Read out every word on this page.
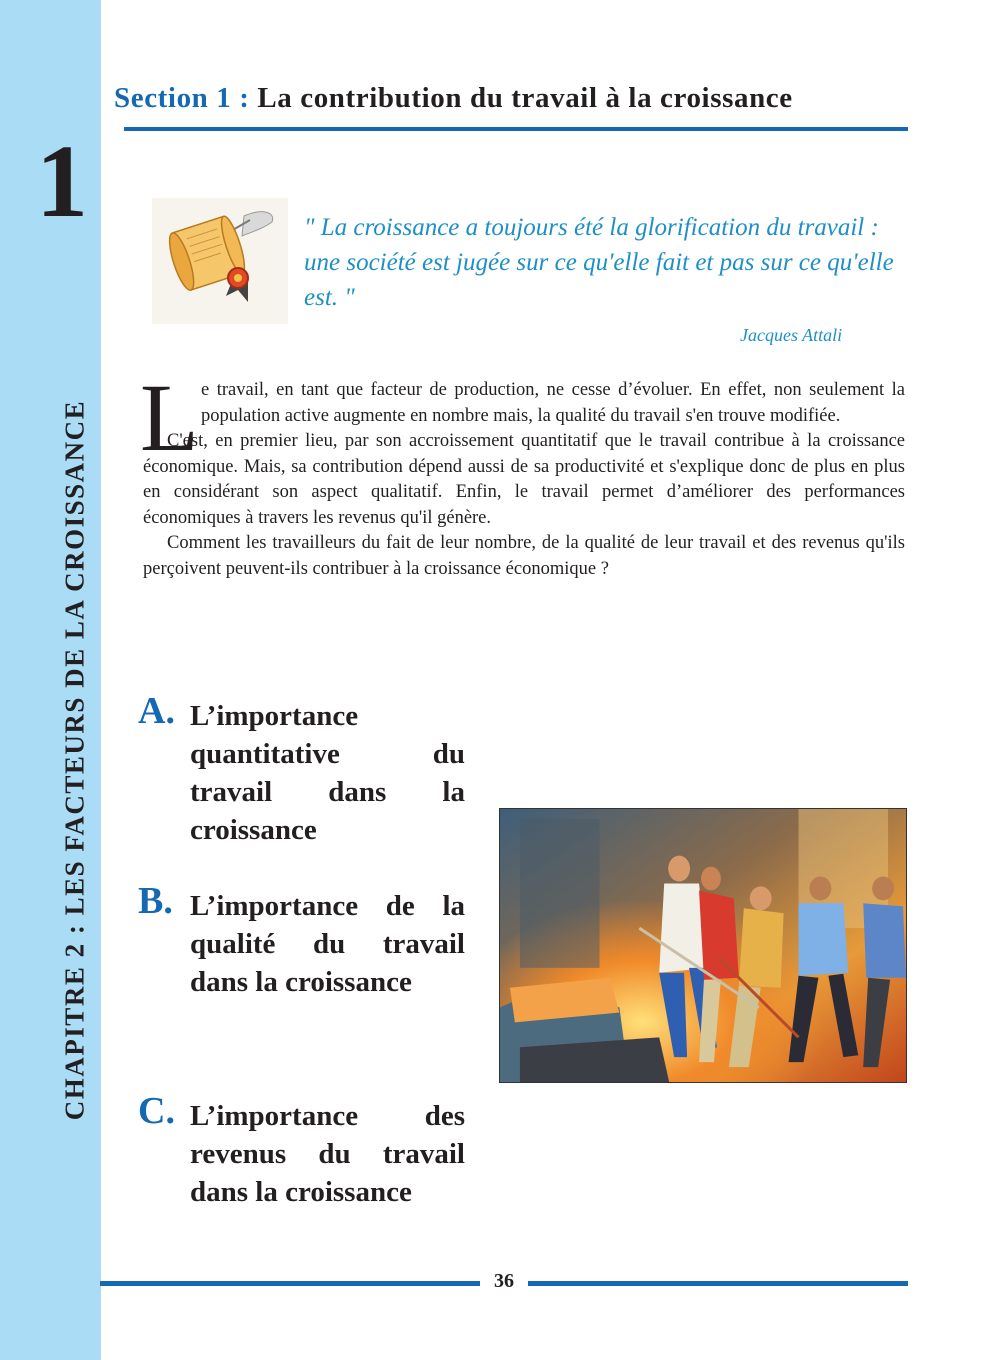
1
CHAPITRE 2 : LES FACTEURS DE LA CROISSANCE
Section 1 : La contribution du travail à la croissance
" La croissance a toujours été la glorification du travail : une société est jugée sur ce qu'elle fait et pas sur ce qu'elle est. "
Jacques Attali
L e travail, en tant que facteur de production, ne cesse d’évoluer. En effet, non seulement la population active augmente en nombre mais, la qualité du travail s'en trouve modifiée.

C'est, en premier lieu, par son accroissement quantitatif que le travail contribue à la croissance économique. Mais, sa contribution dépend aussi de sa productivité et s'explique donc de plus en plus en considérant son aspect qualitatif. Enfin, le travail permet d’améliorer des performances économiques à travers les revenus qu'il génère.

Comment les travailleurs du fait de leur nombre, de la qualité de leur travail et des revenus qu'ils perçoivent peuvent-ils contribuer à la croissance économique ?

A. L’importance quantitative du travail dans la croissance
B. L’importance de la qualité du travail dans la croissance
C. L’importance des revenus du travail dans la croissance
36
